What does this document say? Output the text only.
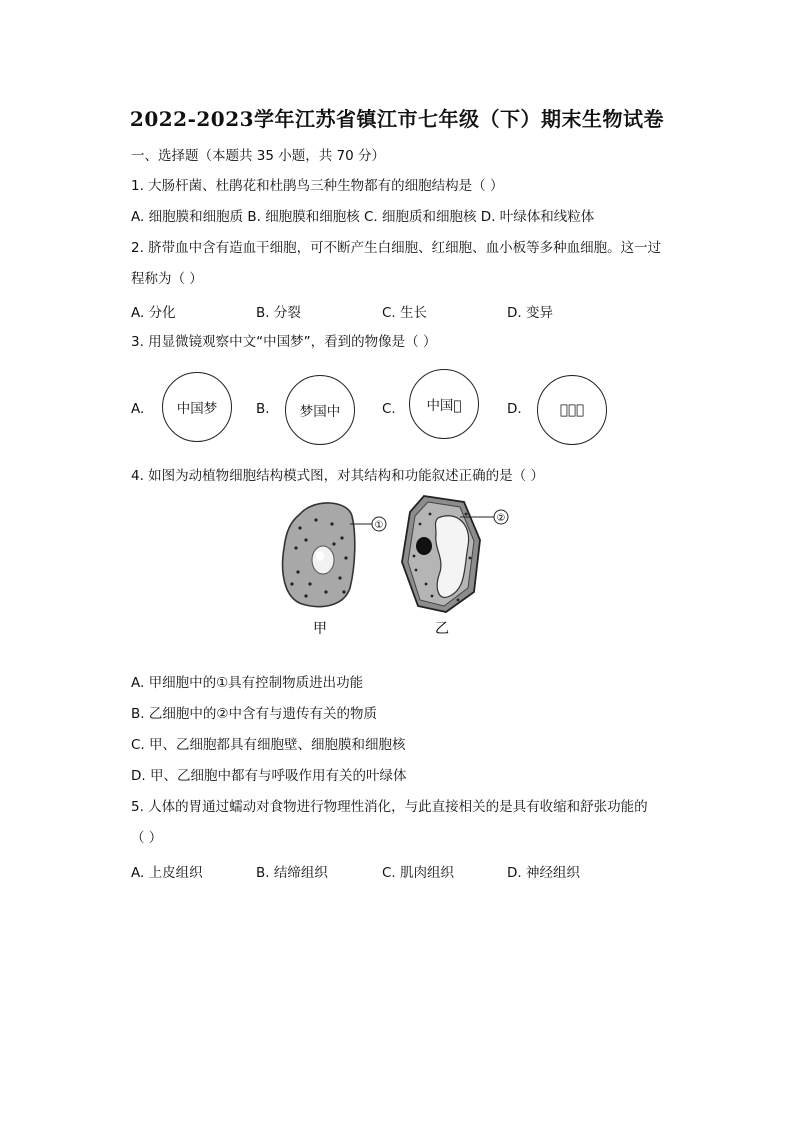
2022-2023学年江苏省镇江市七年级（下）期末生物试卷
一、选择题（本题共 35 小题，共 70 分）
1. 大肠杆菌、杜鹃花和杜鹃鸟三种生物都有的细胞结构是（ ）
A. 细胞膜和细胞质 B. 细胞膜和细胞核 C. 细胞质和细胞核 D. 叶绿体和线粒体
2. 脐带血中含有造血干细胞，可不断产生白细胞、红细胞、血小板等多种血细胞。这一过
程称为（ ）
A. 分化	B. 分裂	C. 生长	D. 变异
3. 用显微镜观察中文“中国梦”，看到的物像是（ ）
A. 中国梦	B. 梦国中	C. 中国𡕸	D.	𡕸国中
4. 如图为动植物细胞结构模式图，对其结构和功能叙述正确的是（ ）
①
②
甲	乙
A. 甲细胞中的①具有控制物质进出功能
B. 乙细胞中的②中含有与遗传有关的物质
C. 甲、乙细胞都具有细胞壁、细胞膜和细胞核
D. 甲、乙细胞中都有与呼吸作用有关的叶绿体
5. 人体的胃通过蠕动对食物进行物理性消化，与此直接相关的是具有收缩和舒张功能的
（ ）
A. 上皮组织	B. 结缔组织	C. 肌肉组织	D. 神经组织
